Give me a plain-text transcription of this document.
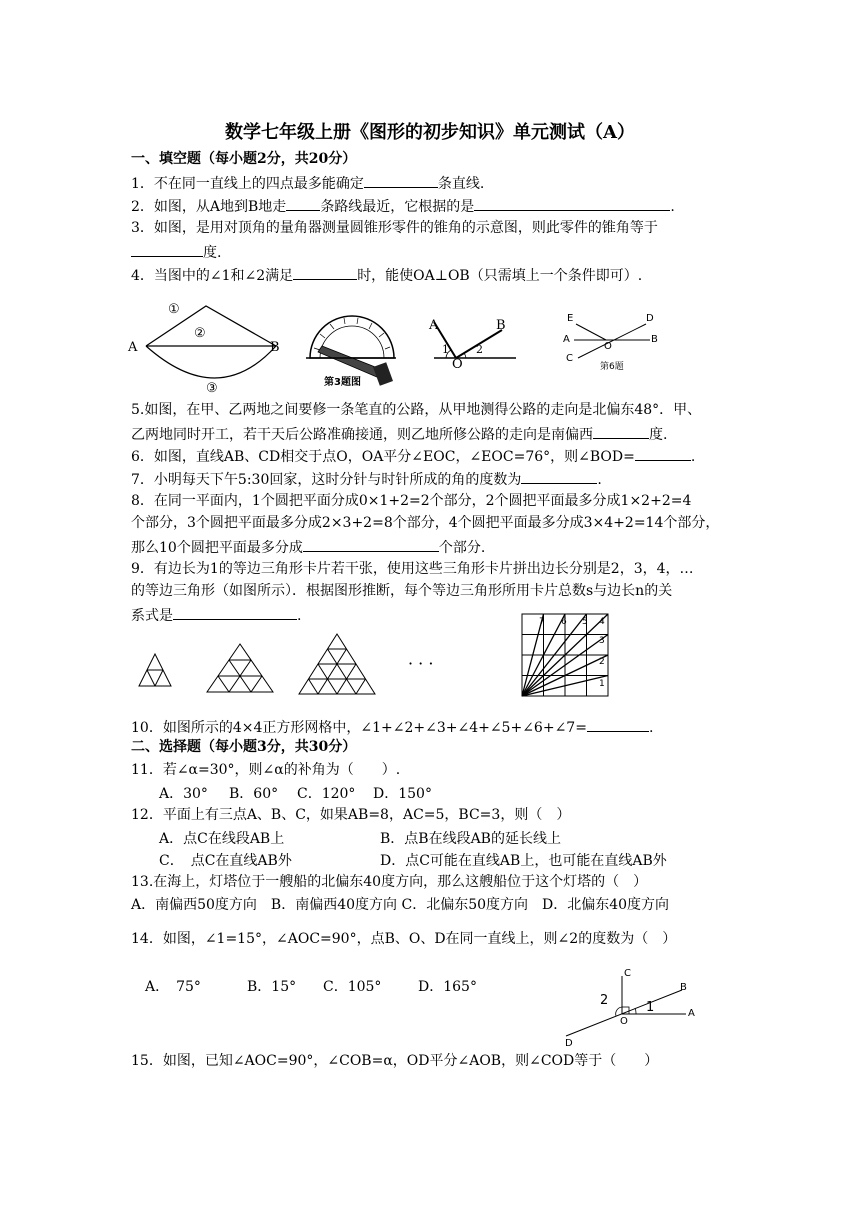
数学七年级上册《图形的初步知识》单元测试（A）
一、填空题（每小题2分，共20分）
1．不在同一直线上的四点最多能确定	条直线.
2．如图，从A地到B地走 条路线最近，它根据的是	.
3．如图，是用对顶角的量角器测量圆锥形零件的锥角的示意图，则此零件的锥角等于
度.
4．当图中的∠1和∠2满足	时，能使OA⊥OB（只需填上一个条件即可）.
①
②
③
A	B
第3题图
A	B
1 2
O
E	D
A
O
B
C
第6题
5.如图，在甲、乙两地之间要修一条笔直的公路，从甲地测得公路的走向是北偏东48°．甲、
乙两地同时开工，若干天后公路准确接通，则乙地所修公路的走向是南偏西	度.
6．如图，直线AB、CD相交于点O，OA平分∠EOC，∠EOC=76°，则∠BOD=	.
7．小明每天下午5:30回家，这时分针与时针所成的角的度数为	.
8．在同一平面内，1个圆把平面分成0×1+2=2个部分，2个圆把平面最多分成1×2+2=4
个部分，3个圆把平面最多分成2×3+2=8个部分，4个圆把平面最多分成3×4+2=14个部分，
那么10个圆把平面最多分成	个部分.
9．有边长为1的等边三角形卡片若干张，使用这些三角形卡片拼出边长分别是2，3，4，…
的等边三角形（如图所示）．根据图形推断，每个等边三角形所用卡片总数s与边长n的关
系式是	.
· · ·
7 6 5 4
3
2
1
10．如图所示的4×4正方形网格中，∠1+∠2+∠3+∠4+∠5+∠6+∠7=	.
二、选择题（每小题3分，共30分）
11．若∠α=30°，则∠α的补角为（　　）.
A．30° B．60° C．120° D．150°
12．平面上有三点A、B、C，如果AB=8，AC=5，BC=3，则（　）
A．点C在线段AB上	B．点B在线段AB的延长线上
C．　点C在直线AB外	D．点C可能在直线AB上，也可能在直线AB外
13.在海上，灯塔位于一艘船的北偏东40度方向，那么这艘船位于这个灯塔的（　）
A．南偏西50度方向　B．南偏西40度方向 C．北偏东50度方向　D．北偏东40度方向
14．如图，∠1=15°，∠AOC=90°，点B、O、D在同一直线上，则∠2的度数为（　）
A．　75°	B．15° C．105°	D．165°
C
B
2	1
O
A
D
15．如图，已知∠AOC=90°，∠COB=α，OD平分∠AOB，则∠COD等于（　　）
